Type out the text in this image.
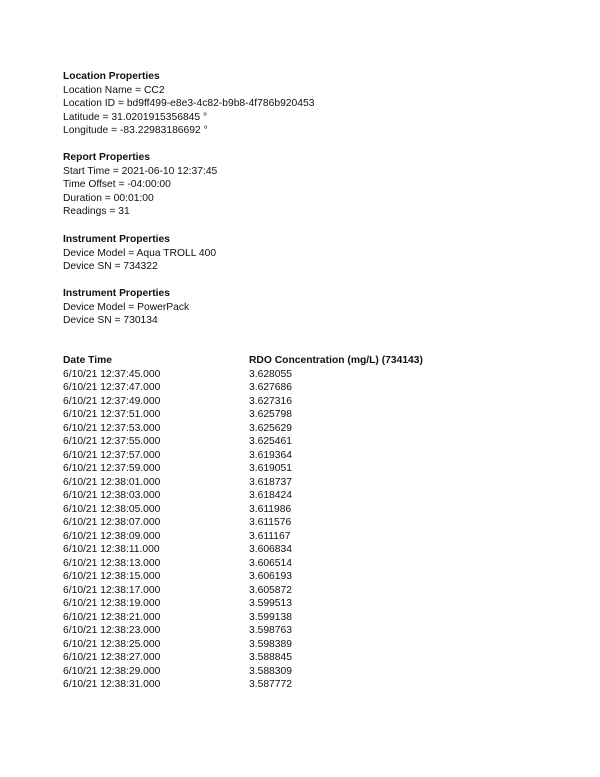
Location Properties
Location Name = CC2
Location ID = bd9ff499-e8e3-4c82-b9b8-4f786b920453
Latitude = 31.0201915356845 °
Longitude = -83.22983186692 °
Report Properties
Start Time = 2021-06-10 12:37:45
Time Offset = -04:00:00
Duration = 00:01:00
Readings = 31
Instrument Properties
Device Model = Aqua TROLL 400
Device SN = 734322
Instrument Properties
Device Model = PowerPack
Device SN = 730134
Date Time	RDO Concentration (mg/L) (734143)
6/10/21 12:37:45.000	3.628055
6/10/21 12:37:47.000	3.627686
6/10/21 12:37:49.000	3.627316
6/10/21 12:37:51.000	3.625798
6/10/21 12:37:53.000	3.625629
6/10/21 12:37:55.000	3.625461
6/10/21 12:37:57.000	3.619364
6/10/21 12:37:59.000	3.619051
6/10/21 12:38:01.000	3.618737
6/10/21 12:38:03.000	3.618424
6/10/21 12:38:05.000	3.611986
6/10/21 12:38:07.000	3.611576
6/10/21 12:38:09.000	3.611167
6/10/21 12:38:11.000	3.606834
6/10/21 12:38:13.000	3.606514
6/10/21 12:38:15.000	3.606193
6/10/21 12:38:17.000	3.605872
6/10/21 12:38:19.000	3.599513
6/10/21 12:38:21.000	3.599138
6/10/21 12:38:23.000	3.598763
6/10/21 12:38:25.000	3.598389
6/10/21 12:38:27.000	3.588845
6/10/21 12:38:29.000	3.588309
6/10/21 12:38:31.000	3.587772
